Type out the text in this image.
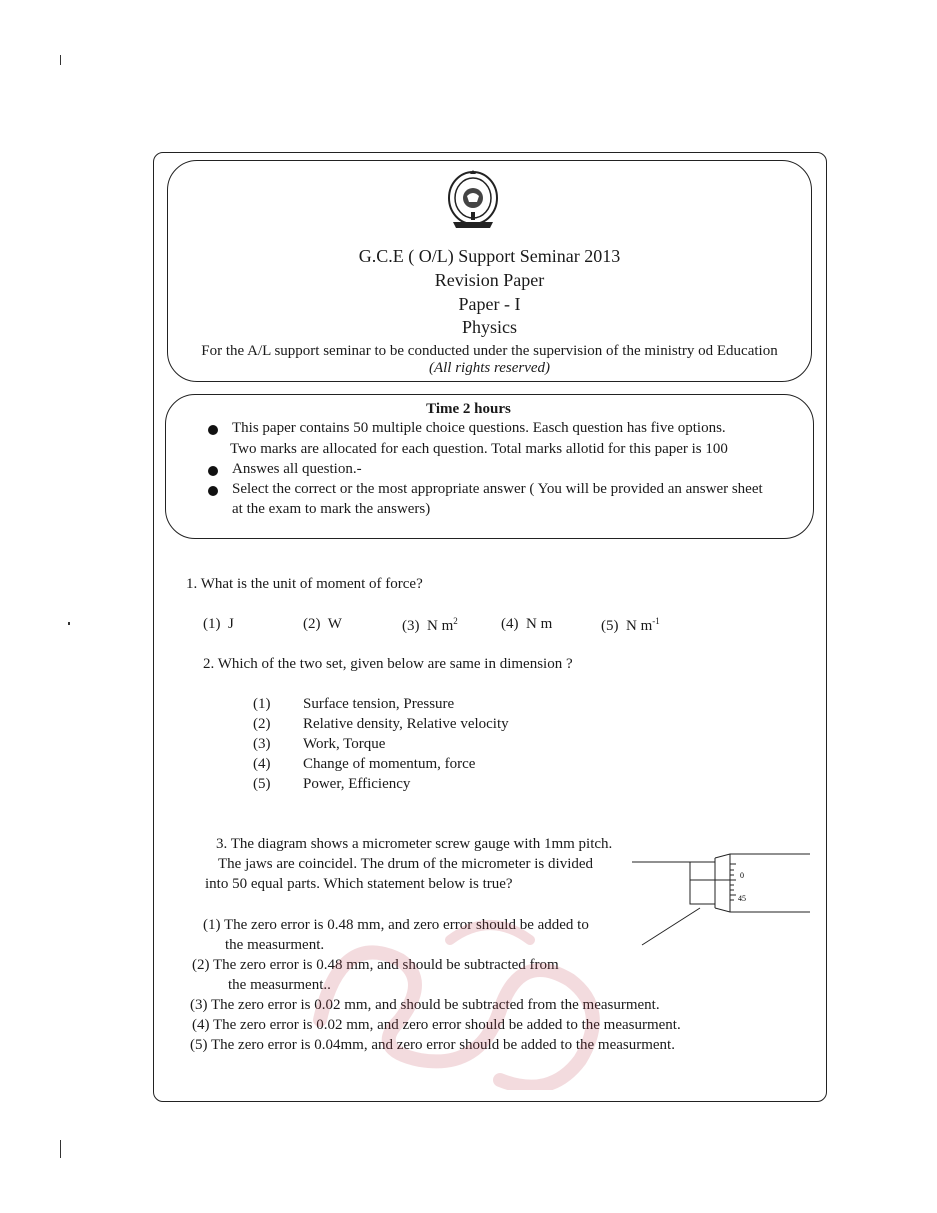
G.C.E ( O/L) Support Seminar 2013
Revision Paper
Paper - I
Physics
For the A/L support seminar to be conducted under the supervision of the ministry od Education
(All rights reserved)
Time 2 hours
This paper contains 50 multiple choice questions. Easch question has five options.
Two marks are allocated for each question. Total marks allotid for this paper is 100
Answes all question.-
Select the correct or the most appropriate answer ( You will be provided an answer sheet
at the exam to mark the answers)
1. What is the unit of moment of force?
(1) J	(2) W	(3) N $m^2$	(4) N m	(5) N $m^{-1}$
2. Which of the two set, given below are same in dimension ?
(1) Surface tension, Pressure
(2) Relative density, Relative velocity
(3) Work, Torque
(4) Change of momentum, force
(5) Power, Efficiency
3. The diagram shows a micrometer screw gauge with 1mm pitch.
The jaws are coincidel. The drum of the micrometer is divided
into 50 equal parts. Which statement below is true?
0
45
(1) The zero error is 0.48 mm, and zero error should be added to
the measurment.
(2) The zero error is 0.48 mm, and should be subtracted from
the measurment..
(3) The zero error is 0.02 mm, and should be subtracted from the measurment.
(4) The zero error is 0.02 mm, and zero error should be added to the measurment.
(5) The zero error is 0.04mm, and zero error should be added to the measurment.
